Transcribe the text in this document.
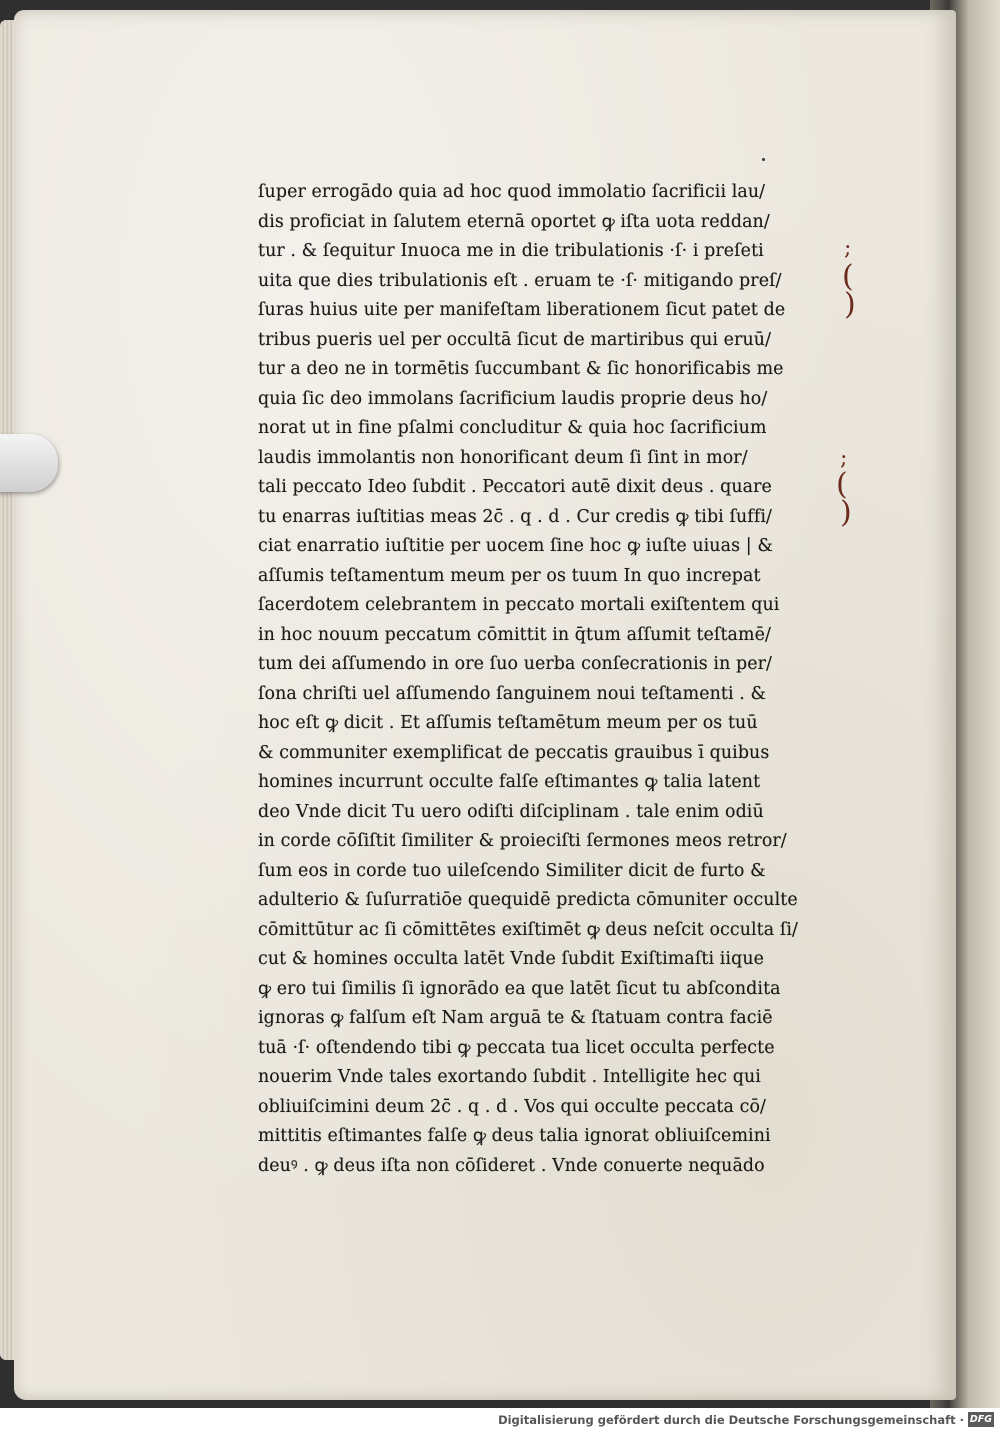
ſuper errogādo quia ad hoc quod immolatio ſacrificii lau/
dis proficiat in ſalutem eternā oportet ꝙ iſta uota reddan/
tur . & ſequitur Inuoca me in die tribulationis ·ſ· i preſeti
uita que dies tribulationis eſt . eruam te ·ſ· mitigando preſ/
ſuras huius uite per manifeſtam liberationem ſicut patet de
tribus pueris uel per occultā ſicut de martiribus qui eruū/
tur a deo ne in tormētis ſuccumbant & ſic honorificabis me
quia ſic deo immolans ſacrificium laudis proprie deus ho/
norat ut in fine pſalmi concluditur & quia hoc ſacrificium
laudis immolantis non honorificant deum ſi ſint in mor/
tali peccato Ideo ſubdit . Peccatori autē dixit deus . quare
tu enarras iuſtitias meas 2c̄ . q . d . Cur credis ꝙ tibi ſuffi/
ciat enarratio iuſtitie per uocem ſine hoc ꝙ iuſte uiuas | &
aſſumis teſtamentum meum per os tuum In quo increpat
ſacerdotem celebrantem in peccato mortali exiſtentem qui
in hoc nouum peccatum cōmittit in q̄tum aſſumit teſtamē/
tum dei aſſumendo in ore ſuo uerba conſecrationis in per/
ſona chriſti uel aſſumendo ſanguinem noui teſtamenti . &
hoc eſt ꝙ dicit . Et aſſumis teſtamētum meum per os tuū
& communiter exemplificat de peccatis grauibus ī quibus
homines incurrunt occulte falſe eſtimantes ꝙ talia latent
deo Vnde dicit Tu uero odiſti diſciplinam . tale enim odiū
in corde cōſiſtit ſimiliter & proieciſti ſermones meos retror/
ſum eos in corde tuo uileſcendo Similiter dicit de furto &
adulterio & ſuſurratiōe quequidē predicta cōmuniter occulte
cōmittūtur ac ſi cōmittētes exiſtimēt ꝙ deus neſcit occulta ſi/
cut & homines occulta latēt Vnde ſubdit Exiſtimaſti iique
ꝙ ero tui ſimilis ſi ignorādo ea que latēt ſicut tu abſcondita
ignoras ꝙ falſum eſt Nam arguā te & ſtatuam contra faciē
tuā ·ſ· oſtendendo tibi ꝙ peccata tua licet occulta perfecte
nouerim Vnde tales exortando ſubdit . Intelligite hec qui
obliuiſcimini deum 2c̄ . q . d . Vos qui occulte peccata cō/
mittitis eſtimantes falſe ꝙ deus talia ignorat obliuiſcemini
deuꝰ . ꝙ deus iſta non cōſideret . Vnde conuerte nequādo
;
(
)
;
(
)
Digitalisierung gefördert durch die Deutsche Forschungsgemeinschaft · DFG
